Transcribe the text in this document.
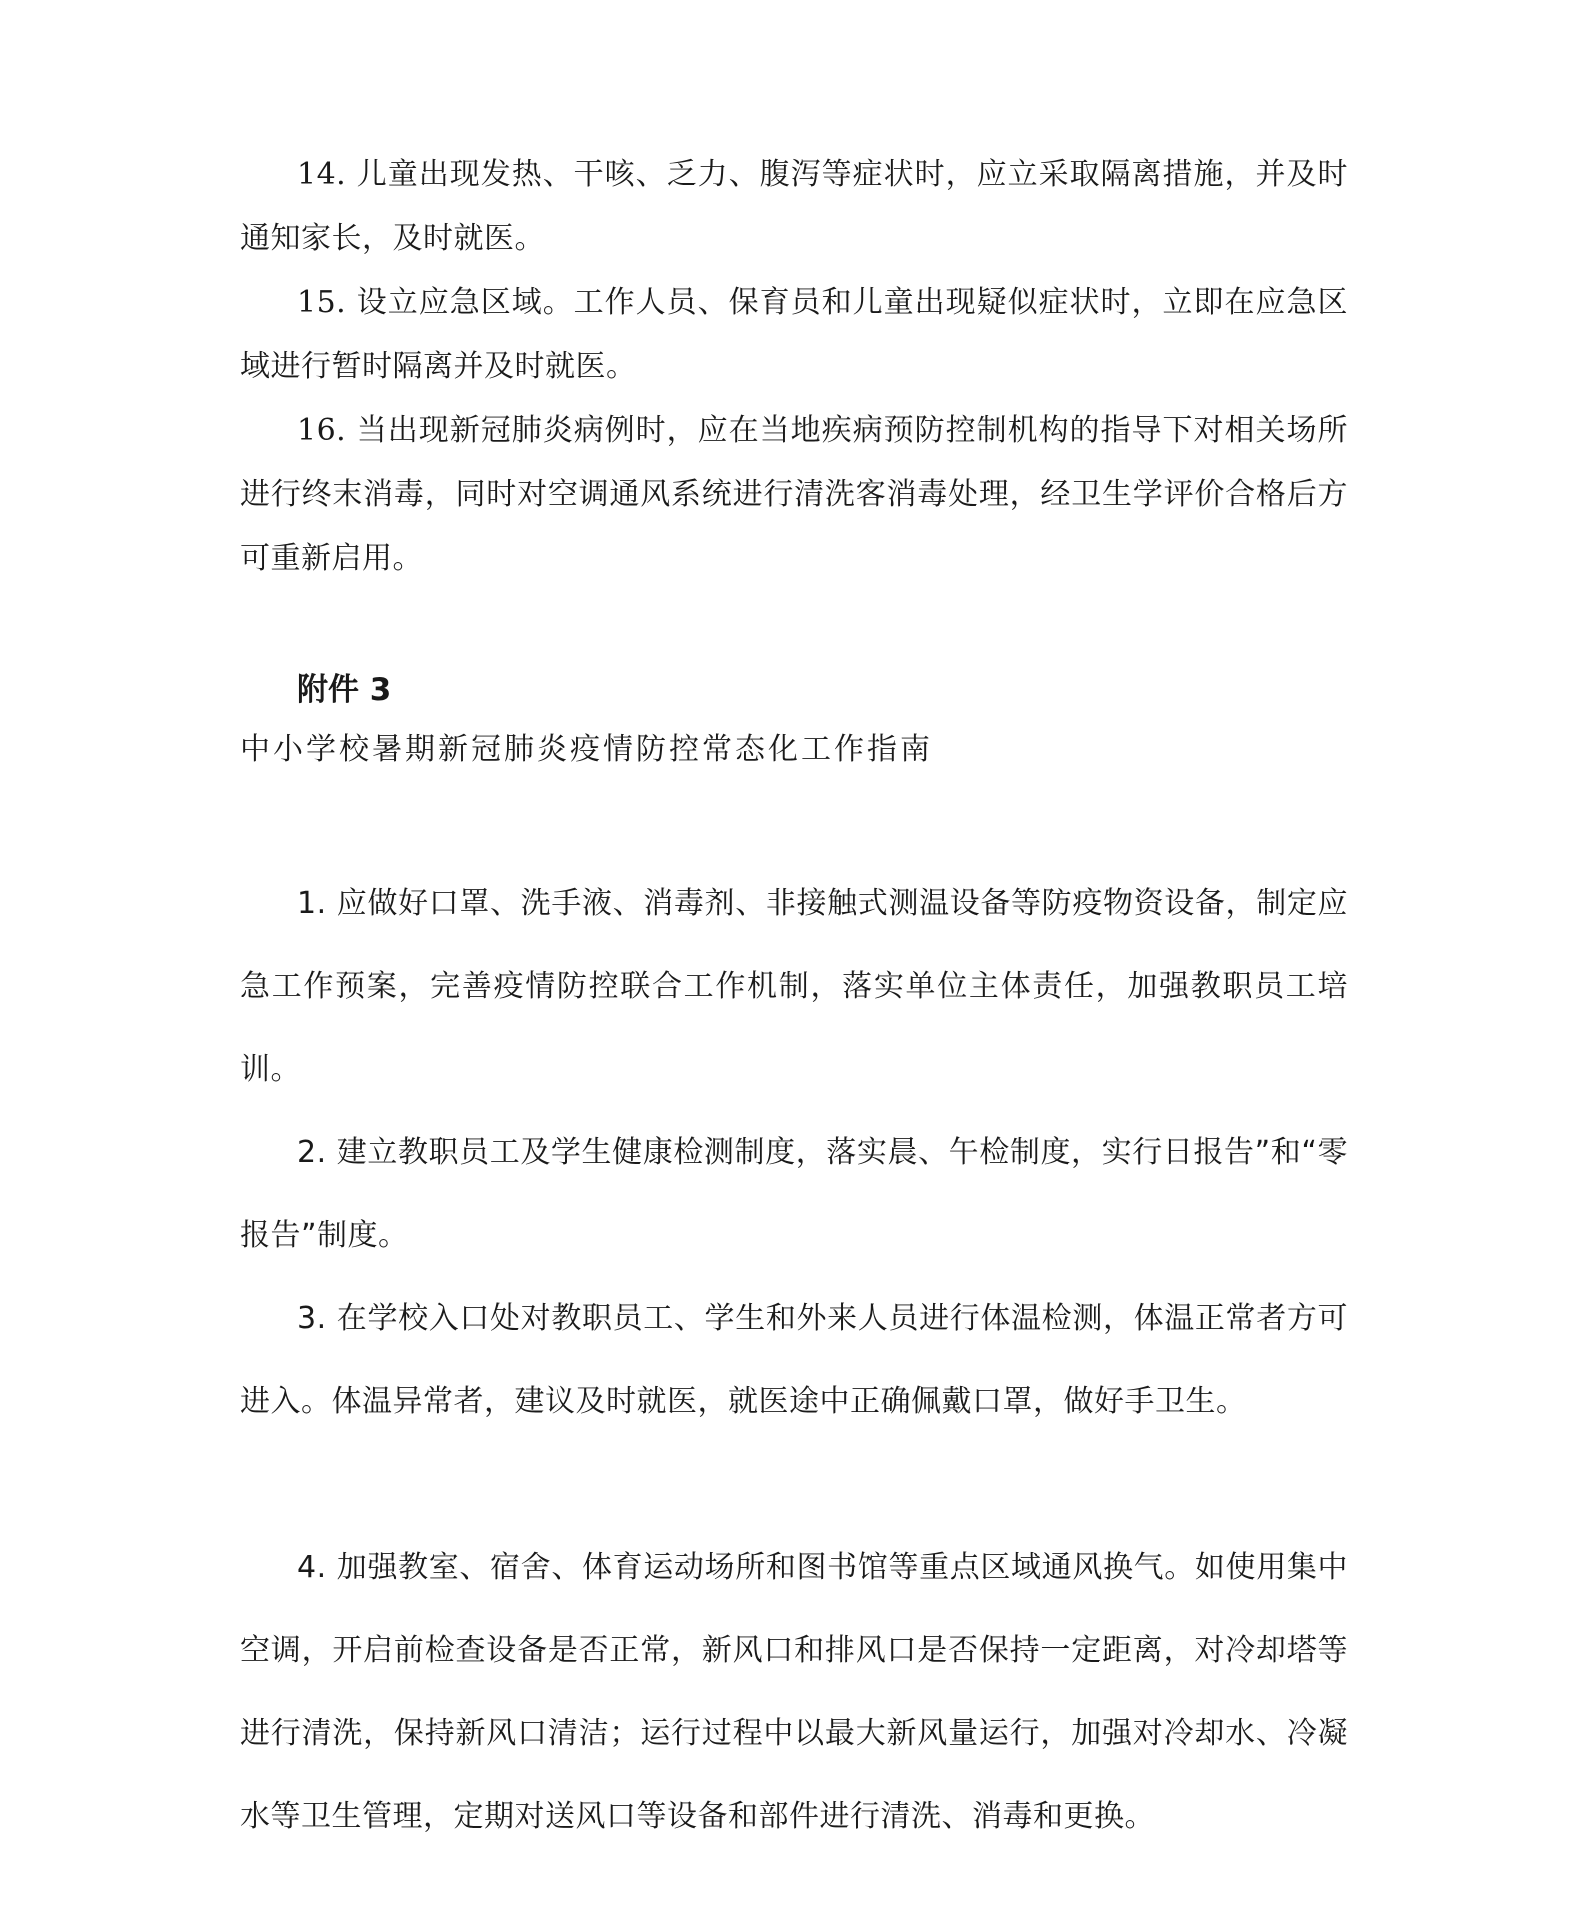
14. 儿童出现发热、干咳、乏力、腹泻等症状时，应立采取隔离措施，并及时通知家长，及时就医。

15. 设立应急区域。工作人员、保育员和儿童出现疑似症状时，立即在应急区域进行暂时隔离并及时就医。

16. 当出现新冠肺炎病例时，应在当地疾病预防控制机构的指导下对相关场所进行终末消毒，同时对空调通风系统进行清洗客消毒处理，经卫生学评价合格后方可重新启用。

附件 3

中小学校暑期新冠肺炎疫情防控常态化工作指南

1. 应做好口罩、洗手液、消毒剂、非接触式测温设备等防疫物资设备，制定应急工作预案，完善疫情防控联合工作机制，落实单位主体责任，加强教职员工培训。

2. 建立教职员工及学生健康检测制度，落实晨、午检制度，实行日报告”和“零报告”制度。

3. 在学校入口处对教职员工、学生和外来人员进行体温检测，体温正常者方可进入。体温异常者，建议及时就医，就医途中正确佩戴口罩，做好手卫生。

4. 加强教室、宿舍、体育运动场所和图书馆等重点区域通风换气。如使用集中空调，开启前检查设备是否正常，新风口和排风口是否保持一定距离，对冷却塔等进行清洗，保持新风口清洁；运行过程中以最大新风量运行，加强对冷却水、冷凝水等卫生管理，定期对送风口等设备和部件进行清洗、消毒和更换。
